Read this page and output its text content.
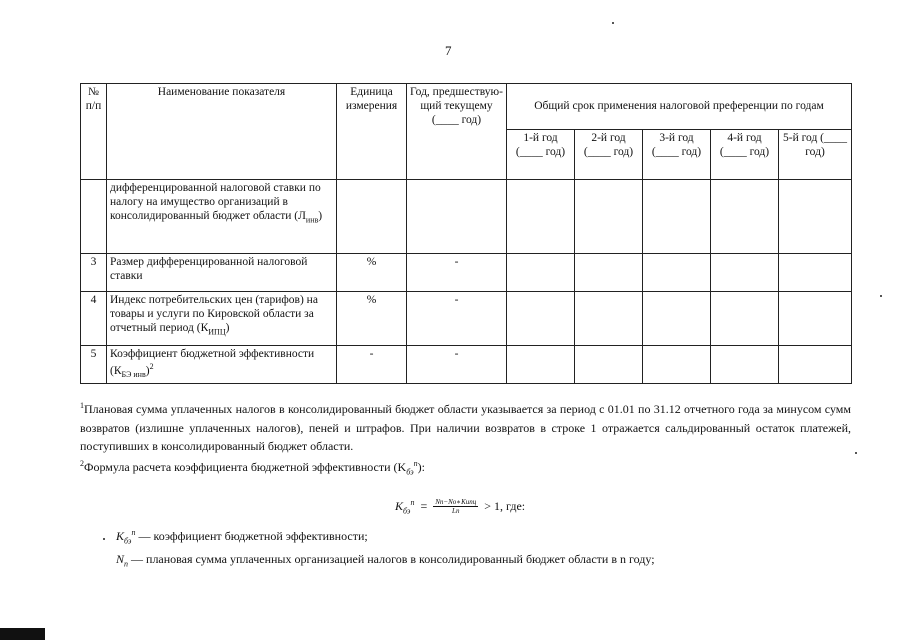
7
№ п/п	Наименование показателя	Единица измерения	Год, предшествую-щий текущему (____ год)	Общий срок применения налоговой преференции по годам				
				1-й год (____ год)	2-й год (____ год)	3-й год (____ год)	4-й год (____ год)	5-й год (____ год)
	дифференцированной налоговой ставки по налогу на имущество организаций в консолидированный бюджет области $(Л_{инв})$							
3	Размер дифференцированной налоговой ставки	%	-					
4	Индекс потребительских цен (тарифов) на товары и услуги по Кировской области за отчетный период $(К_{ИПЦ})$	%	-					
5	Коэффициент бюджетной эффективности $(К_{БЭ инв})^2$	-	-					

$^1$Плановая сумма уплаченных налогов в консолидированный бюджет области указывается за период с 01.01 по 31.12 отчетного года за минусом сумм возвратов (излишне уплаченных налогов), пеней и штрафов. При наличии возвратов в строке 1 отражается сальдированный остаток платежей, поступивших в консолидированный бюджет области.

$^2$Формула расчета коэффициента бюджетной эффективности $(K_{бэ}^n)$:

$K_{бэ}^n = \frac{\text{Nn−Nо∗Kипц}}{Ln} > 1$, где:
$K_{бэ}^n$ — коэффициент бюджетной эффективности;
$N_n$ — плановая сумма уплаченных организацией налогов в консолидированный бюджет области в n году;
